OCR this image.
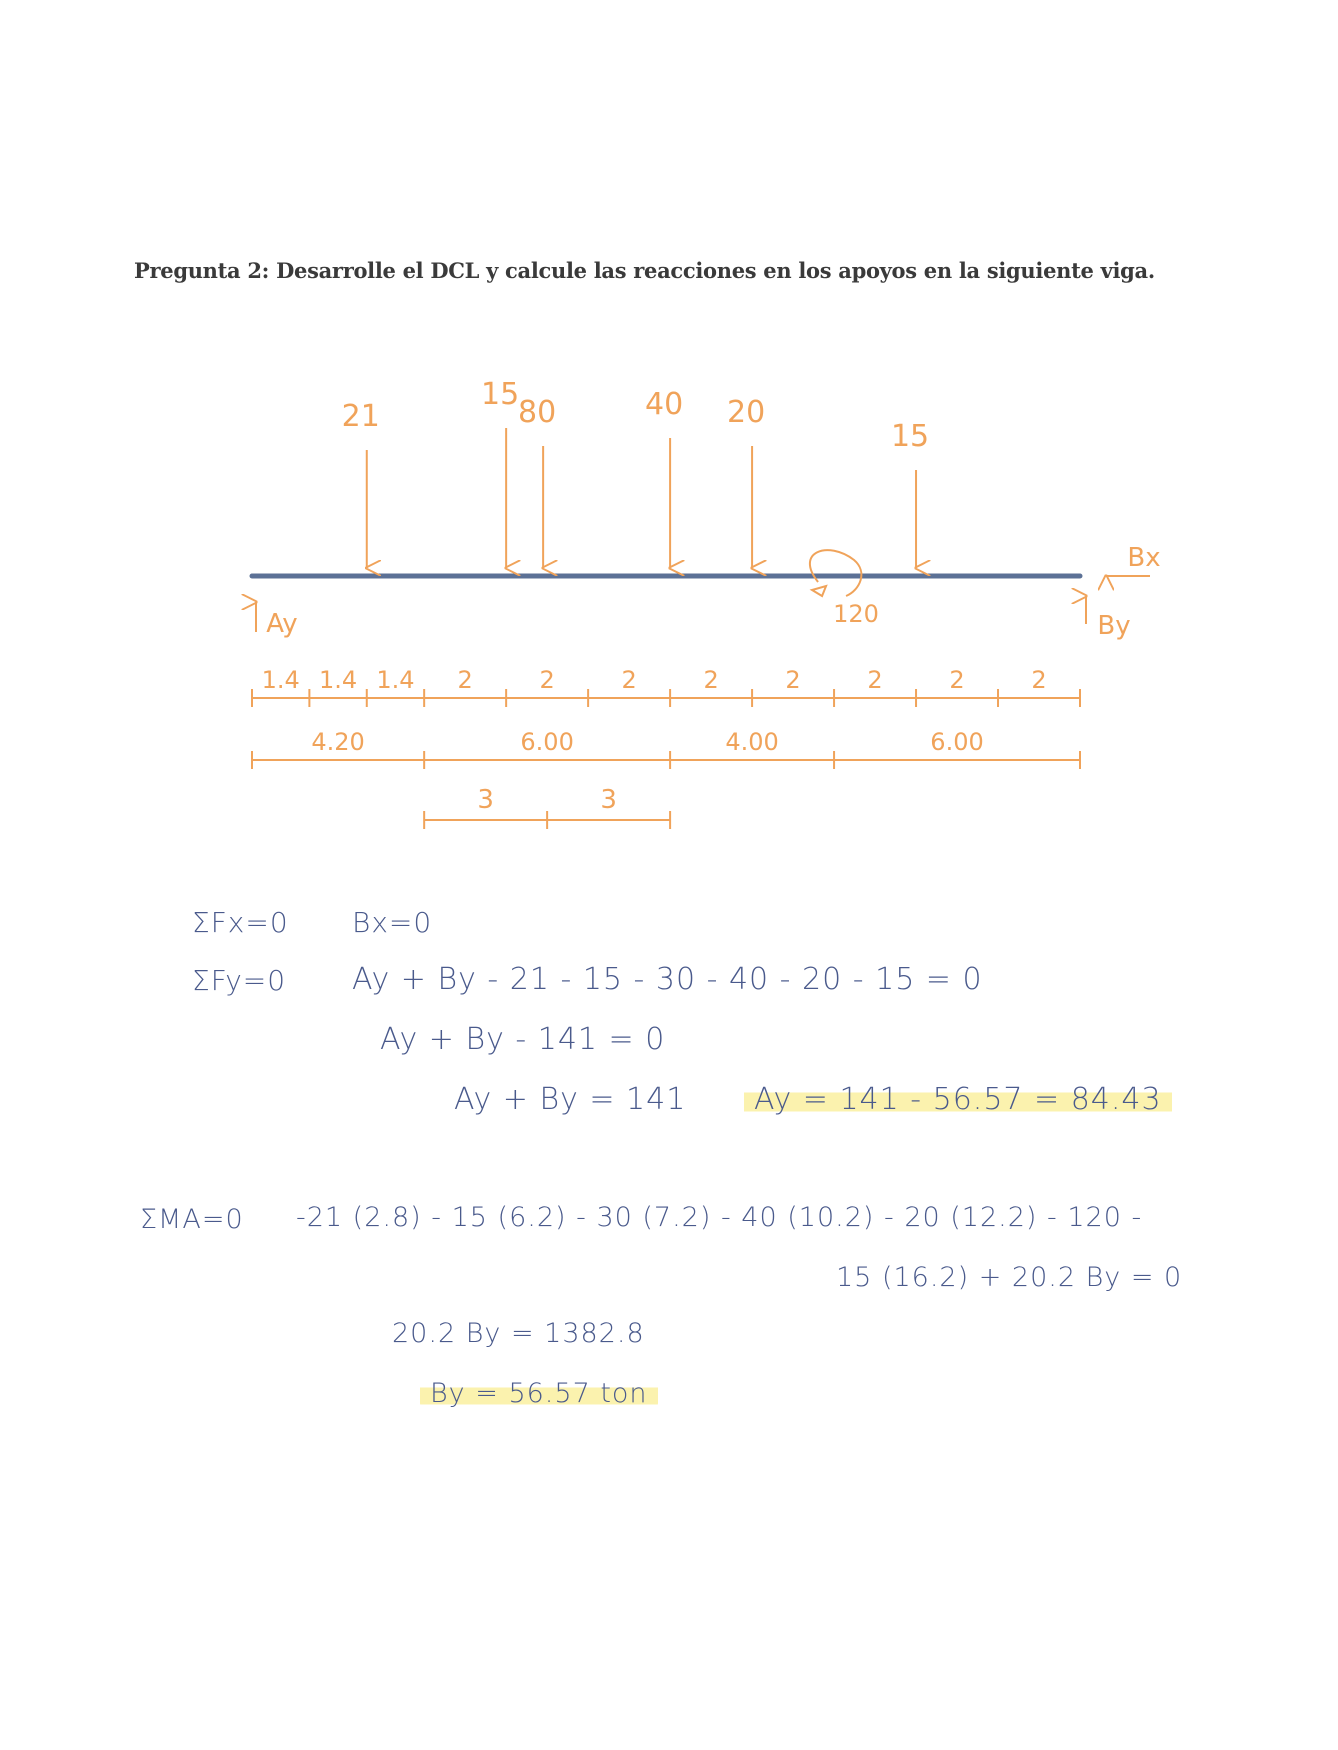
Pregunta 2: Desarrolle el DCL y calcule las reacciones en los apoyos en la siguiente viga.
21
15
80	40 20
15
120
Ay	By
Bx
1.4 1.4 1.4 2	2	2	2	2	2	2	2
4.20	6.00	4.00	6.00
3	3
ΣFx=0 Bx=0
ΣFy=0 Ay + By - 21 - 15 - 30 - 40 - 20 - 15 = 0
Ay + By - 141 = 0
Ay + By = 141	Ay = 141 - 56.57 = 84.43
ΣMA=0 -21 (2.8) - 15 (6.2) - 30 (7.2) - 40 (10.2) - 20 (12.2) - 120 -
15 (16.2) + 20.2 By = 0
20.2 By = 1382.8
By = 56.57 ton
